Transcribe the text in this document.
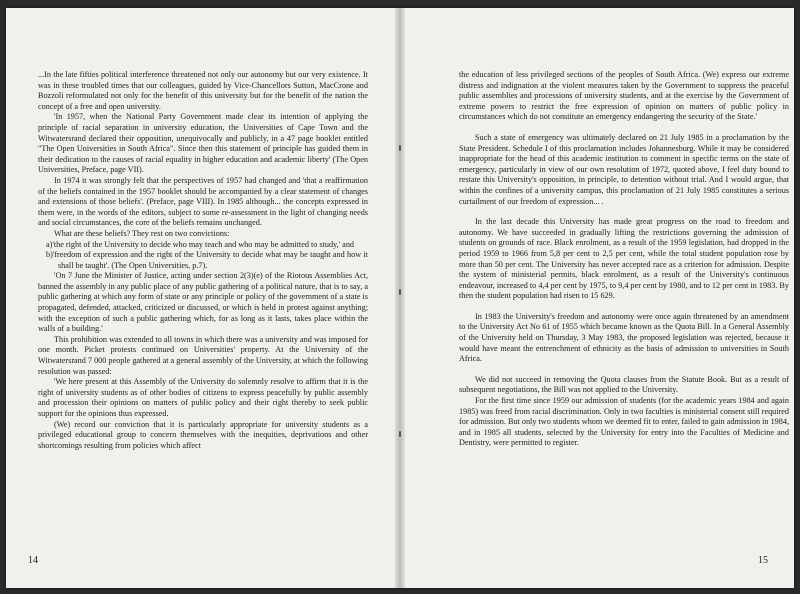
...In the late fifties political interference threatened not only our autonomy but our very existence. It was in these troubled times that our colleagues, guided by Vice-Chancellors Sutton, MacCrone and Bozzoli reformulated not only for the benefit of this university but for the benefit of the nation the concept of a free and open university.

'In 1957, when the National Party Government made clear its intention of applying the principle of racial separation in university education, the Universities of Cape Town and the Witwatersrand declared their opposition, unequivocally and publicly, in a 47 page booklet entitled "The Open Universities in South Africa". Since then this statement of principle has guided them in their dedication to the causes of racial equality in higher education and academic liberty' (The Open Universities, Preface, page VII).

In 1974 it was strongly felt that the perspectives of 1957 had changed and 'that a reaffirmation of the beliefs contained in the 1957 booklet should be accompanied by a clear statement of changes and extensions of those beliefs'. (Preface, page VIII). In 1985 although... the concepts expressed in them were, in the words of the editors, subject to some re-assessment in the light of changing needs and social circumstances, the core of the beliefs remains unchanged.

What are these beliefs? They rest on two convictions:

a)'the right of the University to decide who may teach and who may be admitted to study,' and

b)'freedom of expression and the right of the University to decide what may be taught and how it shall be taught'. (The Open Universities, p.7).

'On 7 June the Minister of Justice, acting under section 2(3)(e) of the Riotous Assemblies Act, banned the assembly in any public place of any public gathering of a political nature, that is to say, a public gathering at which any form of state or any principle or policy of the government of a state is propagated, defended, attacked, criticized or discussed, or which is held in protest against anything; with the exception of such a public gathering which, for as long as it lasts, takes place within the walls of a building.'

This prohibition was extended to all towns in which there was a university and was imposed for one month. Picket protests continued on Universities' property. At the University of the Witwatersrand 7 000 people gathered at a general assembly of the University, at which the following resolution was passed:

'We here present at this Assembly of the University do solemnly resolve to affirm that it is the right of university students as of other bodies of citizens to express peacefully by public assembly and procession their opinions on matters of public policy and their right thereby to seek public support for the opinions thus expressed.

(We) record our conviction that it is particularly appropriate for university students as a privileged educational group to concern themselves with the inequities, deprivations and other shortcomings resulting from policies which affect

14

the education of less privileged sections of the peoples of South Africa. (We) express our extreme distress and indignation at the violent measures taken by the Government to suppress the peaceful public assemblies and processions of university students, and at the exercise by the Government of extreme powers to restrict the free expression of opinion on matters of public policy in circumstances which do not constitute an emergency endangering the security of the State.'

Such a state of emergency was ultimately declared on 21 July 1985 in a proclamation by the State President. Schedule I of this proclamation includes Johannesburg. While it may be considered inappropriate for the head of this academic institution to comment in specific terms on the state of emergency, particularly in view of our own resolution of 1972, quoted above, I feel duty bound to restate this University's opposition, in principle, to detention without trial. And I would argue, that within the confines of a university campus, this proclamation of 21 July 1985 constitutes a serious curtailment of our freedom of expression... .

In the last decade this University has made great progress on the road to freedom and autonomy. We have succeeded in gradually lifting the restrictions governing the admission of students on grounds of race. Black enrolment, as a result of the 1959 legislation, had dropped in the period 1959 to 1966 from 5,8 per cent to 2,5 per cent, while the total student population rose by more than 50 per cent. The University has never accepted race as a criterion for admission. Despite the system of ministerial permits, black enrolment, as a result of the University's continuous endeavour, increased to 4,4 per cent by 1975, to 9,4 per cent by 1980, and to 12 per cent in 1983. By then the student population had risen to 15 629.

In 1983 the University's freedom and autonomy were once again threatened by an amendment to the University Act No 61 of 1955 which became known as the Quota Bill. In a General Assembly of the University held on Thursday, 3 May 1983, the proposed legislation was rejected, because it would have meant the entrenchment of ethnicity as the basis of admission to universities in South Africa.

We did not succeed in removing the Quota clauses from the Statute Book. But as a result of subsequent negotiations, the Bill was not applied to the University.

For the first time since 1959 our admission of students (for the academic years 1984 and again 1985) was freed from racial discrimination. Only in two faculties is ministerial consent still required for admission. But only two students whom we deemed fit to enter, failed to gain admission in 1984, and in 1985 all students, selected by the University for entry into the Faculties of Medicine and Dentistry, were permitted to register.

15
